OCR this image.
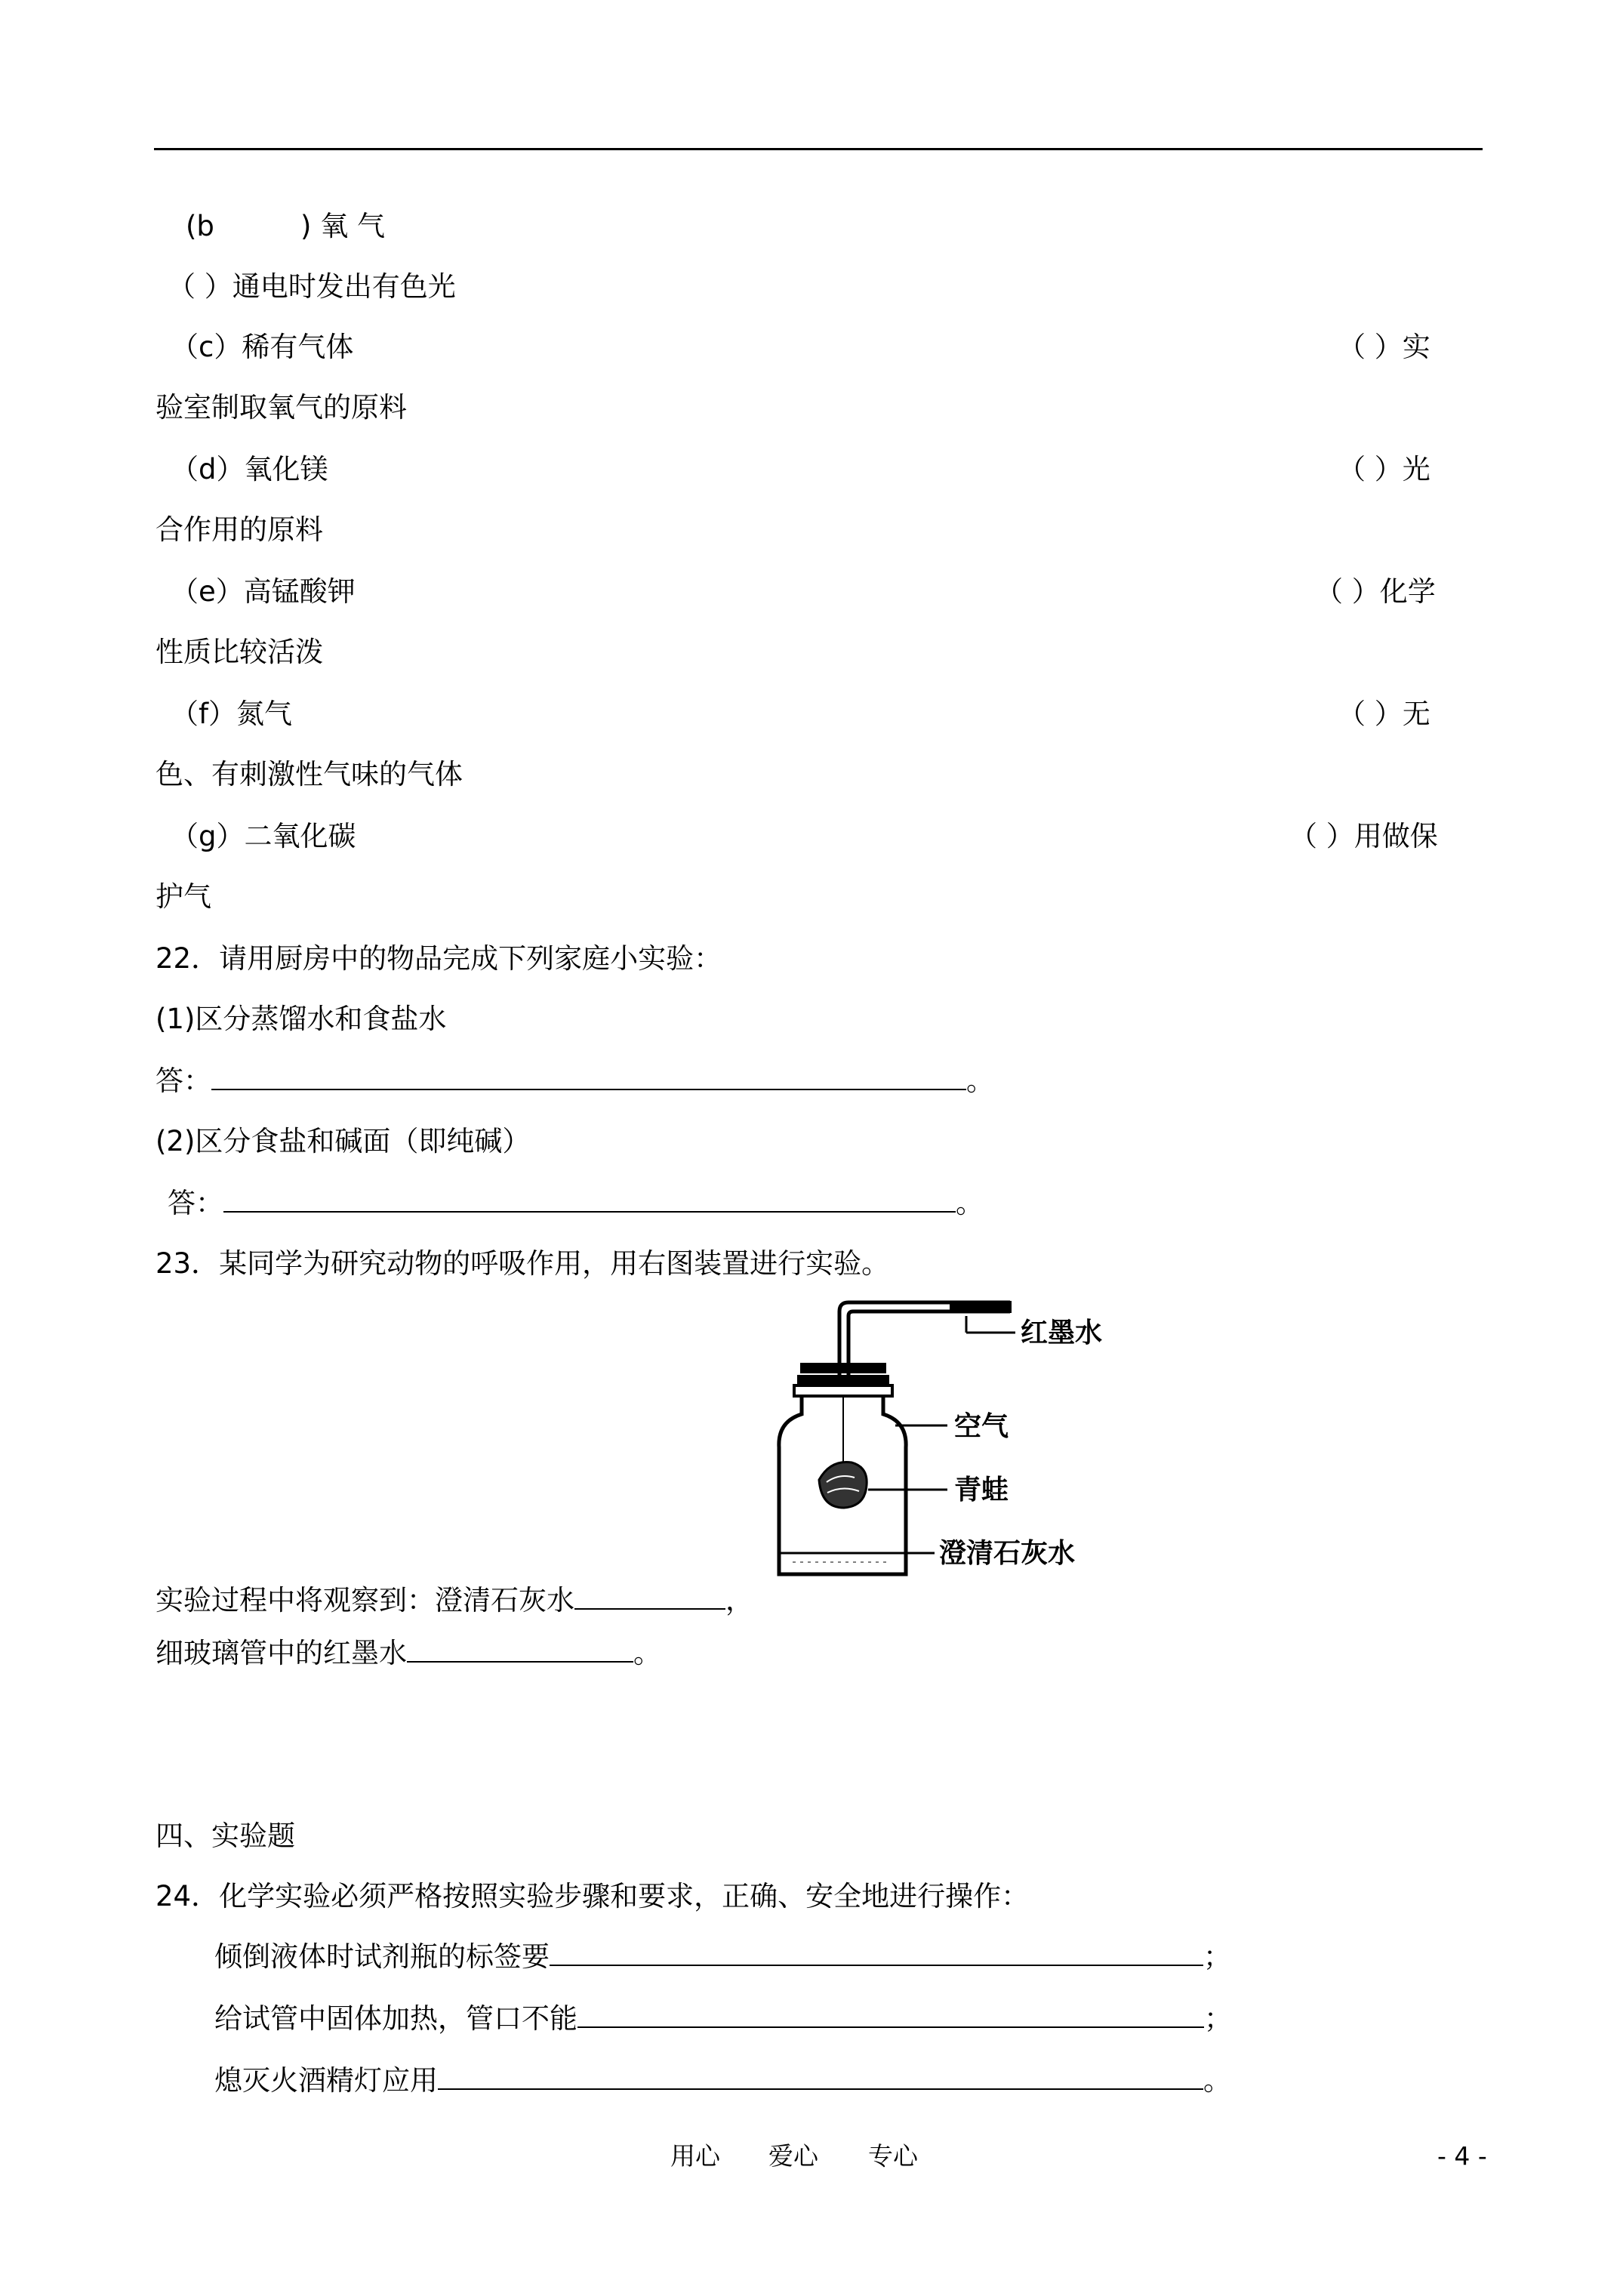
(b	) 氧 气
（ ）通电时发出有色光
（c）稀有气体	（ ）实
验室制取氧气的原料
（d）氧化镁	（ ）光
合作用的原料
（e）高锰酸钾	（ ）化学
性质比较活泼
（f）氮气	（ ）无
色、有刺激性气味的气体
（g）二氧化碳	（ ）用做保
护气
22．请用厨房中的物品完成下列家庭小实验：
(1)区分蒸馏水和食盐水
答：	。
(2)区分食盐和碱面（即纯碱）
答：	。
23．某同学为研究动物的呼吸作用，用右图装置进行实验。
红墨水
空气
青蛙
澄清石灰水
实验过程中将观察到：澄清石灰水	，
细玻璃管中的红墨水	。
四、实验题
24．化学实验必须严格按照实验步骤和要求，正确、安全地进行操作：
倾倒液体时试剂瓶的标签要	；
给试管中固体加热，管口不能	；
熄灭火酒精灯应用	。
用心 爱心 专心	- 4 -
